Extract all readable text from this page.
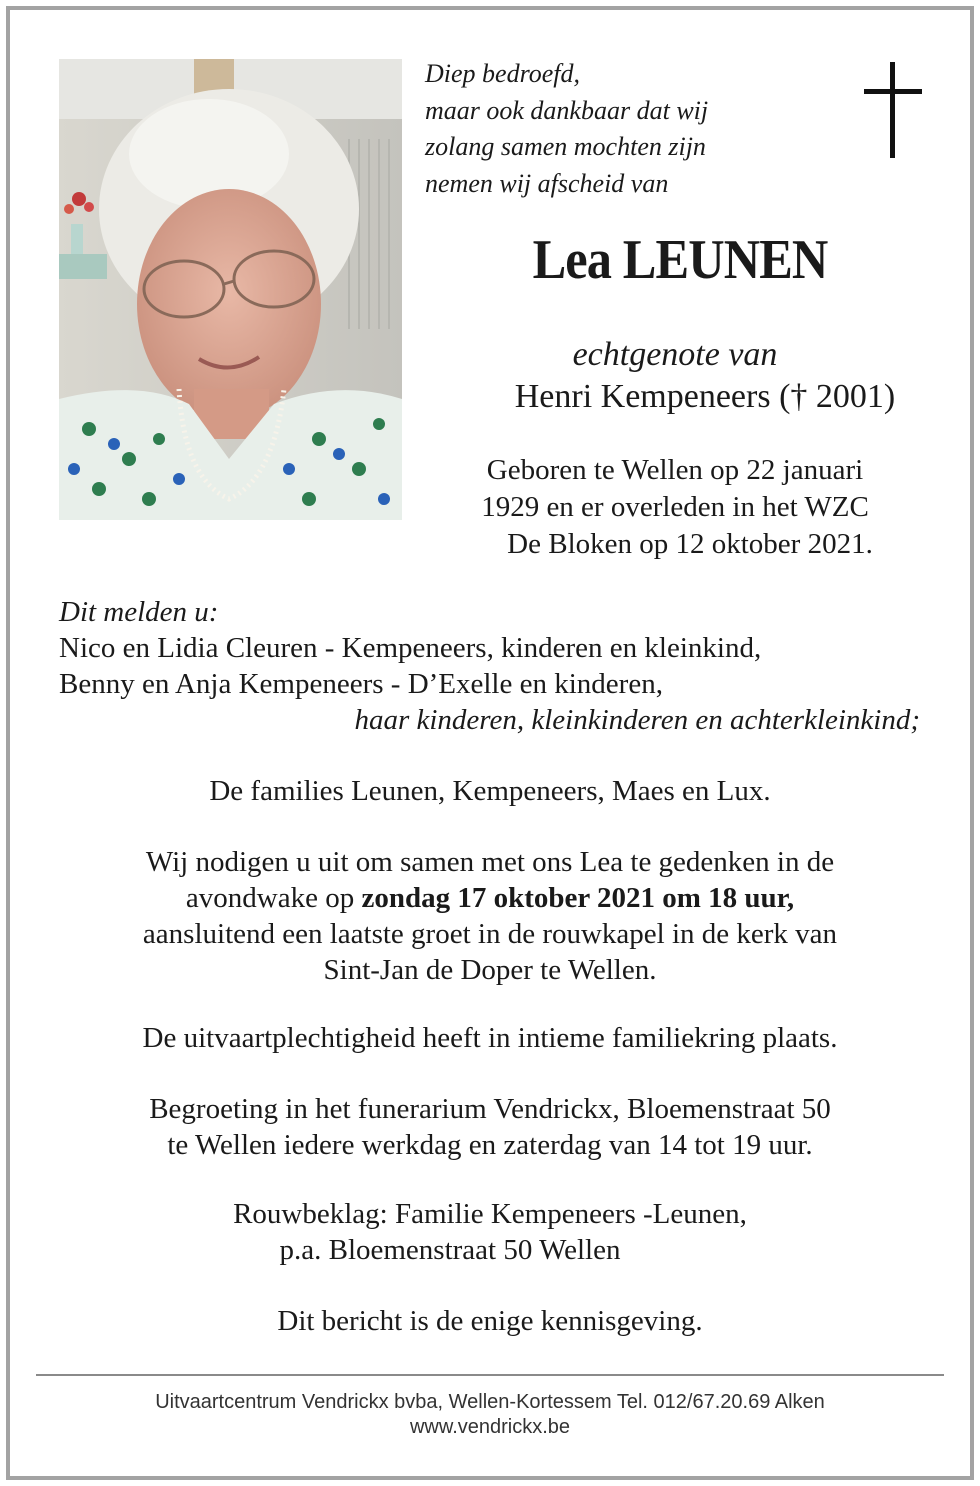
Diep bedroefd,
maar ook dankbaar dat wij
zolang samen mochten zijn
nemen wij afscheid van
Lea LEUNEN
echtgenote van
Henri Kempeneers († 2001)
Geboren te Wellen op 22 januari
1929 en er overleden in het WZC
De Bloken op 12 oktober 2021.
Dit melden u:
Nico en Lidia Cleuren - Kempeneers, kinderen en kleinkind,
Benny en Anja Kempeneers - D’Exelle en kinderen,
haar kinderen, kleinkinderen en achterkleinkind;
De families Leunen, Kempeneers, Maes en Lux.
Wij nodigen u uit om samen met ons Lea te gedenken in de
avondwake op zondag 17 oktober 2021 om 18 uur,
aansluitend een laatste groet in de rouwkapel in de kerk van
Sint-Jan de Doper te Wellen.
De uitvaartplechtigheid heeft in intieme familiekring plaats.
Begroeting in het funerarium Vendrickx, Bloemenstraat 50
te Wellen iedere werkdag en zaterdag van 14 tot 19 uur.
Rouwbeklag: Familie Kempeneers -Leunen,
p.a. Bloemenstraat 50 Wellen
Dit bericht is de enige kennisgeving.
Uitvaartcentrum Vendrickx bvba, Wellen-Kortessem Tel. 012/67.20.69 Alken
www.vendrickx.be
